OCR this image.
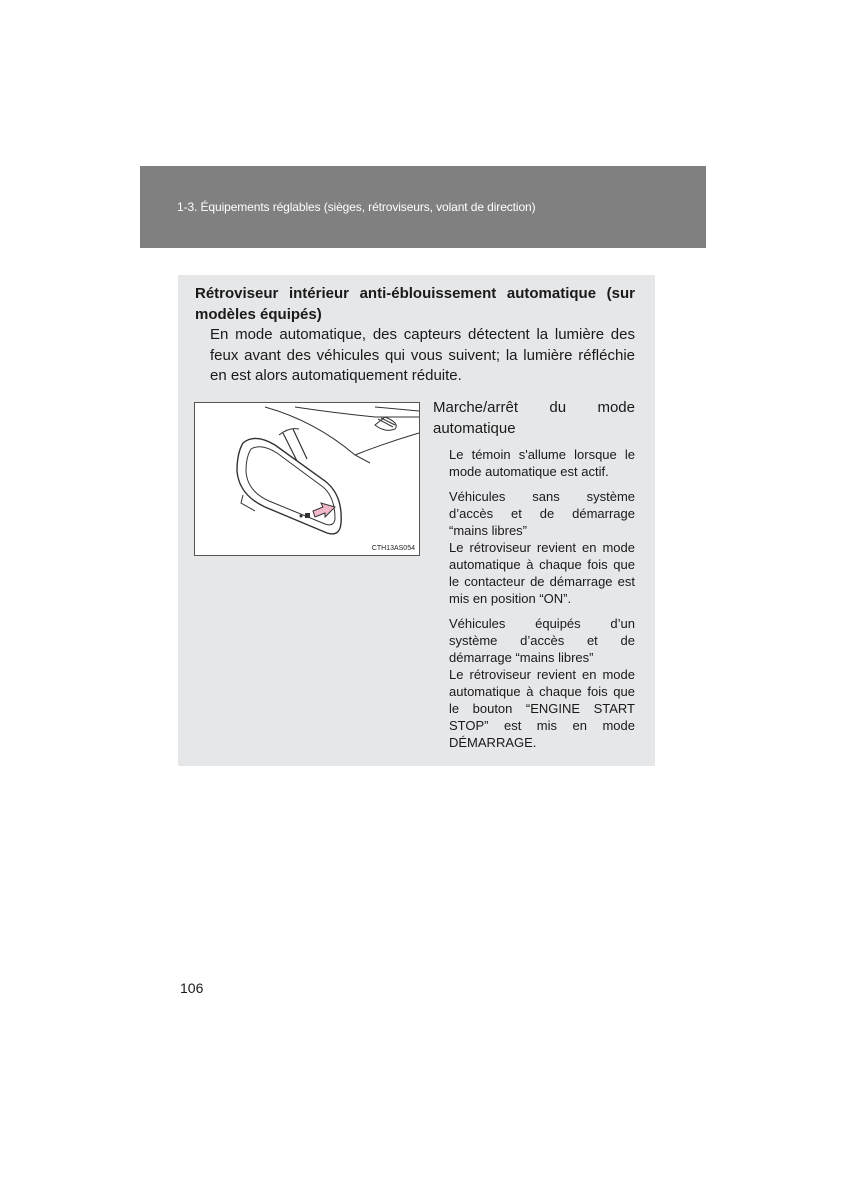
1-3. Équipements réglables (sièges, rétroviseurs, volant de direction)
Rétroviseur intérieur anti-éblouissement automatique (sur modèles équipés)
En mode automatique, des capteurs détectent la lumière des feux avant des véhicules qui vous suivent; la lumière réfléchie en est alors automatiquement réduite.
CTH13AS054
Marche/arrêt du mode
automatique
Le témoin s'allume lorsque le mode automatique est actif.
Véhicules sans système
d’accès et de démarrage
“mains libres”
Le rétroviseur revient en mode automatique à chaque fois que le contacteur de démarrage est mis en position “ON”.
Véhicules équipés d’un
système d’accès et de
démarrage “mains libres”
Le rétroviseur revient en mode automatique à chaque fois que le bouton “ENGINE START STOP” est mis en mode DÉMARRAGE.
106
